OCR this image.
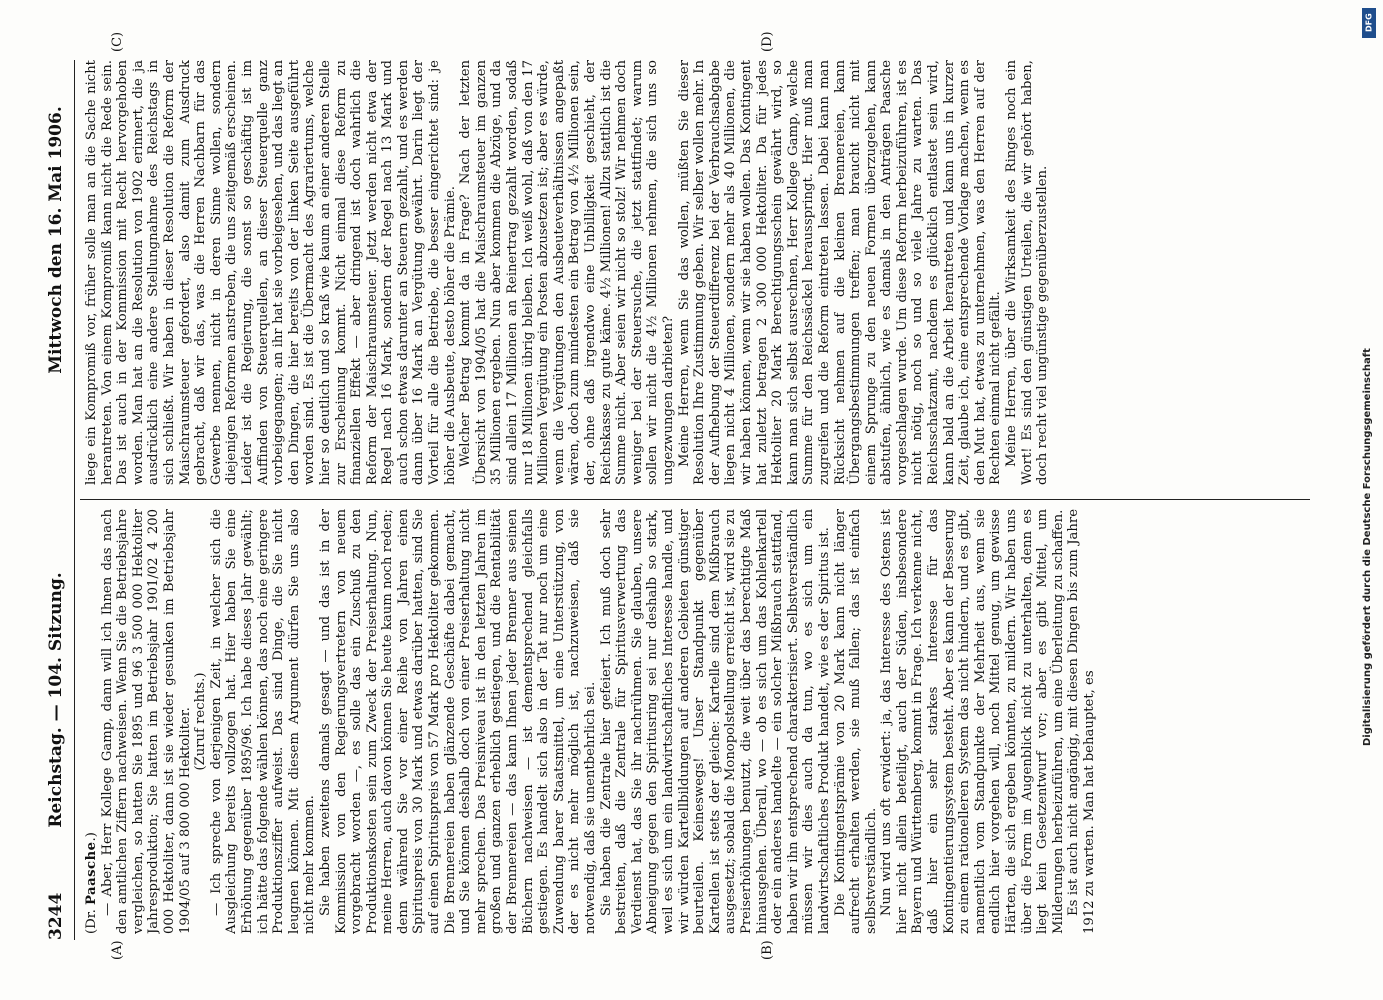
3244
Reichstag. — 104. Sitzung.
Mittwoch den 16. Mai 1906.
(A)	(B)
(C)	(D)

(Dr. Paasche.) — Aber, Herr Kollege Gamp, dann will ich Ihnen das nach den amtlichen Ziffern nachweisen. Wenn Sie die Betriebsjahre vergleichen, so hatten Sie 1895 und 96 3 500 000 Hektoliter Jahresproduktion; Sie hatten im Betriebsjahr 1901/02 4 200 000 Hektoliter, dann ist sie wieder gesunken im Betriebsjahr 1904/05 auf 3 800 000 Hektoliter. (Zuruf rechts.) — Ich spreche von derjenigen Zeit, in welcher sich die Ausgleichung bereits vollzogen hat. Hier haben Sie eine Erhöhung gegenüber 1895/96. Ich habe dieses Jahr gewählt; ich hätte das folgende wählen können, das noch eine geringere Produktionsziffer aufweist. Das sind Dinge, die Sie nicht leugnen können. Mit diesem Argument dürfen Sie uns also nicht mehr kommen. Sie haben zweitens damals gesagt — und das ist in der Kommission von den Regierungsvertretern von neuem vorgebracht worden —, es solle das ein Zuschuß zu den Produktionskosten sein zum Zweck der Preiserhaltung. Nun, meine Herren, auch davon können Sie heute kaum noch reden; denn während Sie vor einer Reihe von Jahren einen Spirituspreis von 30 Mark und etwas darüber hatten, sind Sie auf einen Spirituspreis von 57 Mark pro Hektoliter gekommen. Die Brennereien haben glänzende Geschäfte dabei gemacht, und Sie können deshalb doch von einer Preiserhaltung nicht mehr sprechen. Das Preisniveau ist in den letzten Jahren im großen und ganzen erheblich gestiegen, und die Rentabilität der Brennereien — das kann Ihnen jeder Brenner aus seinen Büchern nachweisen — ist dementsprechend gleichfalls gestiegen. Es handelt sich also in der Tat nur noch um eine Zuwendung barer Staatsmittel, um eine Unterstützung, von der es nicht mehr möglich ist, nachzuweisen, daß sie notwendig, daß sie unentbehrlich sei. Sie haben die Zentrale hier gefeiert. Ich muß doch sehr bestreiten, daß die Zentrale für Spiritusverwertung das Verdienst hat, das Sie ihr nachrühmen. Sie glauben, unsere Abneigung gegen den Spiritusring sei nur deshalb so stark, weil es sich um ein landwirtschaftliches Interesse handle, und wir würden Kartellbildungen auf anderen Gebieten günstiger beurteilen. Keineswegs! Unser Standpunkt gegenüber Kartellen ist stets der gleiche: Kartelle sind dem Mißbrauch ausgesetzt; sobald die Monopolstellung erreicht ist, wird sie zu Preiserhöhungen benutzt, die weit über das berechtigte Maß hinausgehen. Überall, wo — ob es sich um das Kohlenkartell oder ein anderes handelte — ein solcher Mißbrauch stattfand, haben wir ihn entsprechend charakterisiert. Selbstverständlich müssen wir dies auch da tun, wo es sich um ein landwirtschaftliches Produkt handelt, wie es der Spiritus ist. Die Kontingentsprämie von 20 Mark kann nicht länger aufrecht erhalten werden, sie muß fallen; das ist einfach selbstverständlich. Nun wird uns oft erwidert: ja, das Interesse des Ostens ist hier nicht allein beteiligt, auch der Süden, insbesondere Bayern und Württemberg, kommt in Frage. Ich verkenne nicht, daß hier ein sehr starkes Interesse für das Kontingentierungssystem besteht. Aber es kann der Besserung zu einem rationelleren System das nicht hindern, und es gibt, namentlich vom Standpunkte der Mehrheit aus, wenn sie endlich hier vorgehen will, noch Mittel genug, um gewisse Härten, die sich ergeben könnten, zu mildern. Wir haben uns über die Form im Augenblick nicht zu unterhalten, denn es liegt kein Gesetzentwurf vor; aber es gibt Mittel, um Milderungen herbeizuführen, um eine Überleitung zu schaffen. Es ist auch nicht angängig, mit diesen Dingen bis zum Jahre 1912 zu warten. Man hat behauptet, es

liege ein Kompromiß vor, früher solle man an die Sache nicht herantreten. Von einem Kompromiß kann nicht die Rede sein. Das ist auch in der Kommission mit Recht hervorgehoben worden. Man hat an die Resolution von 1902 erinnert, die ja ausdrücklich eine andere Stellungnahme des Reichstags in sich schließt. Wir haben in dieser Resolution die Reform der Maischraumsteuer gefordert, also damit zum Ausdruck gebracht, daß wir das, was die Herren Nachbarn für das Gewerbe nennen, nicht in deren Sinne wollen, sondern diejenigen Reformen anstreben, die uns zeitgemäß erscheinen. Leider ist die Regierung, die sonst so geschäftig ist im Auffinden von Steuerquellen, an dieser Steuerquelle ganz vorbeigegangen; an ihr hat sie vorbeigesehen, und das liegt an den Dingen, die hier bereits von der linken Seite ausgeführt worden sind. Es ist die Übermacht des Agrariertums, welche hier so deutlich und so kraß wie kaum an einer anderen Stelle zur Erscheinung kommt. Nicht einmal diese Reform zu finanziellen Effekt — aber dringend ist doch wahrlich die Reform der Maischraumsteuer. Jetzt werden nicht etwa der Regel nach 16 Mark, sondern der Regel nach 13 Mark und auch schon etwas darunter an Steuern gezahlt, und es werden dann über 16 Mark an Vergütung gewährt. Darin liegt der Vorteil für alle die Betriebe, die besser eingerichtet sind: je höher die Ausbeute, desto höher die Prämie. Welcher Betrag kommt da in Frage? Nach der letzten Übersicht von 1904/05 hat die Maischraumsteuer im ganzen 35 Millionen ergeben. Nun aber kommen die Abzüge, und da sind allein 17 Millionen an Reinertrag gezahlt worden, sodaß nur 18 Millionen übrig bleiben. Ich weiß wohl, daß von den 17 Millionen Vergütung ein Posten abzusetzen ist; aber es würde, wenn die Vergütungen den Ausbeuteverhältnissen angepaßt wären, doch zum mindesten ein Betrag von 4½ Millionen sein, der, ohne daß irgendwo eine Unbilligkeit geschieht, der Reichskasse zu gute käme. 4½ Millionen! Allzu stattlich ist die Summe nicht. Aber seien wir nicht so stolz! Wir nehmen doch weniger bei der Steuersuche, die jetzt stattfindet; warum sollen wir nicht die 4½ Millionen nehmen, die sich uns so ungezwungen darbieten? Meine Herren, wenn Sie das wollen, müßten Sie dieser Resolution Ihre Zustimmung geben. Wir selber wollen mehr. In der Aufhebung der Steuerdifferenz bei der Verbrauchsabgabe liegen nicht 4 Millionen, sondern mehr als 40 Millionen, die wir haben können, wenn wir sie haben wollen. Das Kontingent hat zuletzt betragen 2 300 000 Hektoliter. Da für jedes Hektoliter 20 Mark Berechtigungsschein gewährt wird, so kann man sich selbst ausrechnen, Herr Kollege Gamp, welche Summe für den Reichssäckel herausspringt. Hier muß man zugreifen und die Reform eintreten lassen. Dabei kann man Rücksicht nehmen auf die kleinen Brennereien, kann Übergangsbestimmungen treffen; man braucht nicht mit einem Sprunge zu den neuen Formen überzugehen, kann abstufen, ähnlich, wie es damals in den Anträgen Paasche vorgeschlagen wurde. Um diese Reform herbeizuführen, ist es nicht nötig, noch so und so viele Jahre zu warten. Das Reichsschatzamt, nachdem es glücklich entlastet sein wird, kann bald an die Arbeit herantreten und kann uns in kurzer Zeit, glaube ich, eine entsprechende Vorlage machen, wenn es den Mut hat, etwas zu unternehmen, was den Herren auf der Rechten einmal nicht gefällt. Meine Herren, über die Wirksamkeit des Ringes noch ein Wort! Es sind den günstigen Urteilen, die wir gehört haben, doch recht viel ungünstige gegenüberzustellen.

DFG
Digitalisierung gefördert durch die Deutsche Forschungsgemeinschaft
